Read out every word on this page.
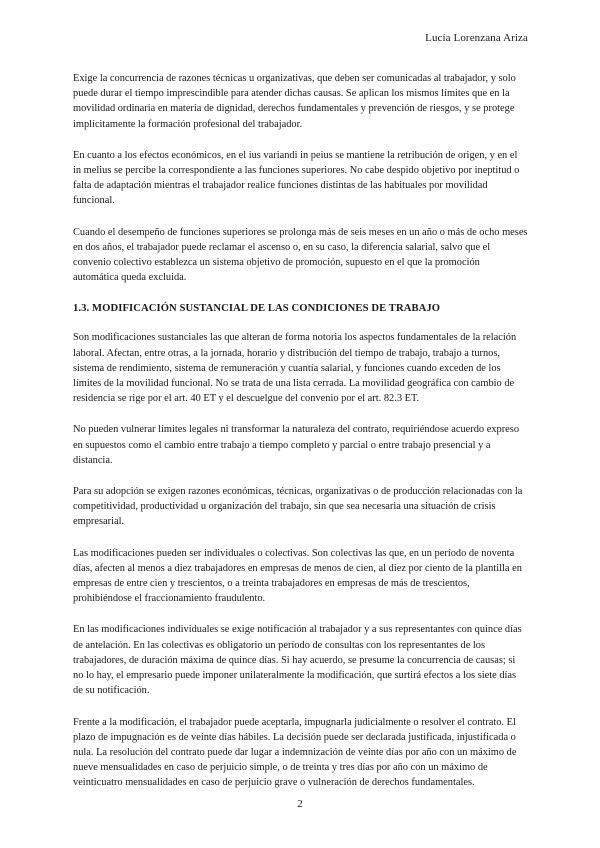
Lucía Lorenzana Ariza

Exige la concurrencia de razones técnicas u organizativas, que deben ser comunicadas al trabajador, y solo puede durar el tiempo imprescindible para atender dichas causas. Se aplican los mismos límites que en la movilidad ordinaria en materia de dignidad, derechos fundamentales y prevención de riesgos, y se protege implícitamente la formación profesional del trabajador.

En cuanto a los efectos económicos, en el ius variandi in peius se mantiene la retribución de origen, y en el in melius se percibe la correspondiente a las funciones superiores. No cabe despido objetivo por ineptitud o falta de adaptación mientras el trabajador realice funciones distintas de las habituales por movilidad funcional.

Cuando el desempeño de funciones superiores se prolonga más de seis meses en un año o más de ocho meses en dos años, el trabajador puede reclamar el ascenso o, en su caso, la diferencia salarial, salvo que el convenio colectivo establezca un sistema objetivo de promoción, supuesto en el que la promoción automática queda excluida.

1.3. MODIFICACIÓN SUSTANCIAL DE LAS CONDICIONES DE TRABAJO

Son modificaciones sustanciales las que alteran de forma notoria los aspectos fundamentales de la relación laboral. Afectan, entre otras, a la jornada, horario y distribución del tiempo de trabajo, trabajo a turnos, sistema de rendimiento, sistema de remuneración y cuantía salarial, y funciones cuando exceden de los límites de la movilidad funcional. No se trata de una lista cerrada. La movilidad geográfica con cambio de residencia se rige por el art. 40 ET y el descuelgue del convenio por el art. 82.3 ET.

No pueden vulnerar límites legales ni transformar la naturaleza del contrato, requiriéndose acuerdo expreso en supuestos como el cambio entre trabajo a tiempo completo y parcial o entre trabajo presencial y a distancia.

Para su adopción se exigen razones económicas, técnicas, organizativas o de producción relacionadas con la competitividad, productividad u organización del trabajo, sin que sea necesaria una situación de crisis empresarial.

Las modificaciones pueden ser individuales o colectivas. Son colectivas las que, en un período de noventa días, afecten al menos a diez trabajadores en empresas de menos de cien, al diez por ciento de la plantilla en empresas de entre cien y trescientos, o a treinta trabajadores en empresas de más de trescientos, prohibiéndose el fraccionamiento fraudulento.

En las modificaciones individuales se exige notificación al trabajador y a sus representantes con quince días de antelación. En las colectivas es obligatorio un período de consultas con los representantes de los trabajadores, de duración máxima de quince días. Si hay acuerdo, se presume la concurrencia de causas; si no lo hay, el empresario puede imponer unilateralmente la modificación, que surtirá efectos a los siete días de su notificación.

Frente a la modificación, el trabajador puede aceptarla, impugnarla judicialmente o resolver el contrato. El plazo de impugnación es de veinte días hábiles. La decisión puede ser declarada justificada, injustificada o nula. La resolución del contrato puede dar lugar a indemnización de veinte días por año con un máximo de nueve mensualidades en caso de perjuicio simple, o de treinta y tres días por año con un máximo de veinticuatro mensualidades en caso de perjuicio grave o vulneración de derechos fundamentales.

2
